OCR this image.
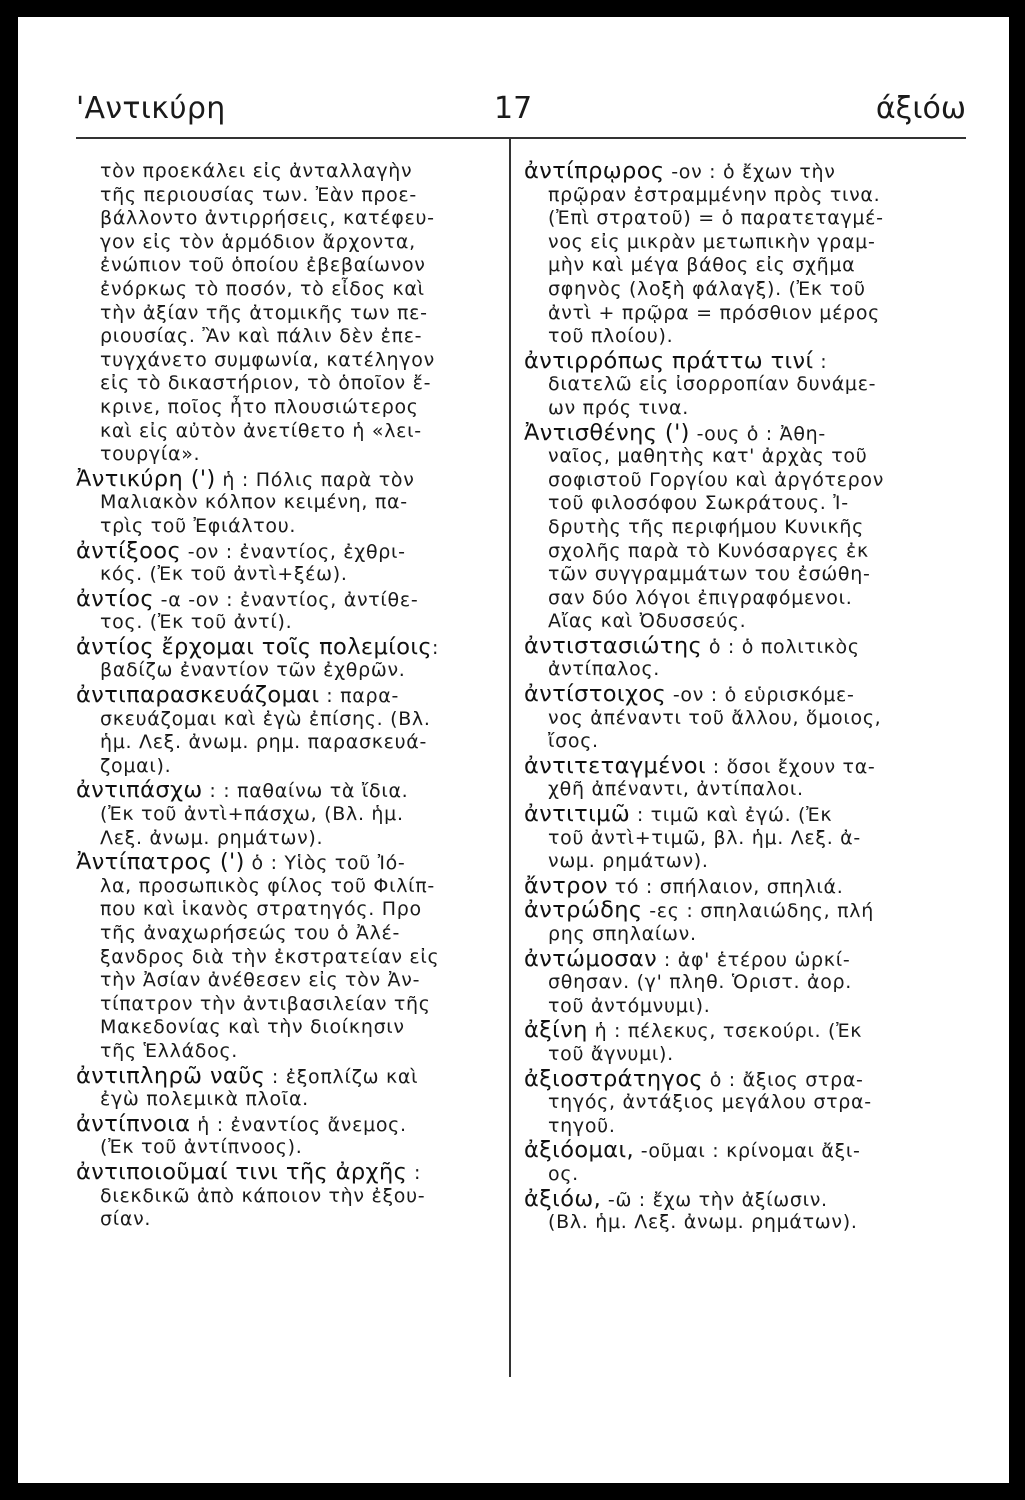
'Αντικύρη	17	άξιόω
τὸν προεκάλει εἰς ἀνταλλαγὴν
τῆς περιουσίας των. Ἐὰν προε-
βάλλοντο ἀντιρρήσεις, κατέφευ-
γον εἰς τὸν ἁρμόδιον ἄρχοντα,
ἐνώπιον τοῦ ὁποίου ἐβεβαίωνον
ἐνόρκως τὸ ποσόν, τὸ εἶδος καὶ
τὴν ἀξίαν τῆς ἀτομικῆς των πε-
ριουσίας. Ἂν καὶ πάλιν δὲν ἐπε-
τυγχάνετο συμφωνία, κατέληγον
εἰς τὸ δικαστήριον, τὸ ὁποῖον ἔ-
κρινε, ποῖος ἦτο πλουσιώτερος
καὶ εἰς αὐτὸν ἀνετίθετο ἡ «λει-
τουργία».
Ἀντικύρη (') ἡ : Πόλις παρὰ τὸν
Μαλιακὸν κόλπον κειμένη, πα-
τρὶς τοῦ Ἐφιάλτου.
ἀντίξοος -ον : ἐναντίος, ἐχθρι-
κός. (Ἐκ τοῦ ἀντὶ+ξέω).
ἀντίος -α -ον : ἐναντίος, ἀντίθε-
τος. (Ἐκ τοῦ ἀντί).
ἀντίος ἔρχομαι τοῖς πολεμίοις:
βαδίζω ἐναντίον τῶν ἐχθρῶν.
ἀντιπαρασκευάζομαι : παρα-
σκευάζομαι καὶ ἐγὼ ἐπίσης. (Βλ.
ἡμ. Λεξ. ἀνωμ. ρημ. παρασκευά-
ζομαι).
ἀντιπάσχω : : παθαίνω τὰ ἴδια.
(Ἐκ τοῦ ἀντὶ+πάσχω, (Βλ. ἡμ.
Λεξ. ἀνωμ. ρημάτων).
Ἀντίπατρος (') ὁ : Υἱὸς τοῦ Ἰό-
λα, προσωπικὸς φίλος τοῦ Φιλίπ-
που καὶ ἱκανὸς στρατηγός. Προ
τῆς ἀναχωρήσεώς του ὁ Ἀλέ-
ξανδρος διὰ τὴν ἐκστρατείαν εἰς
τὴν Ἀσίαν ἀνέθεσεν εἰς τὸν Ἀν-
τίπατρον τὴν ἀντιβασιλείαν τῆς
Μακεδονίας καὶ τὴν διοίκησιν
τῆς Ἑλλάδος.
ἀντιπληρῶ ναῦς : ἐξοπλίζω καὶ
ἐγὼ πολεμικὰ πλοῖα.
ἀντίπνοια ἡ : ἐναντίος ἄνεμος.
(Ἐκ τοῦ ἀντίπνοος).
ἀντιποιοῦμαί τινι τῆς ἀρχῆς :
διεκδικῶ ἀπὸ κάποιον τὴν ἐξου-
σίαν.
ἀντίπρῳρος -ον : ὁ ἔχων τὴν
πρῷραν ἐστραμμένην πρὸς τινα.
(Ἐπὶ στρατοῦ) = ὁ παρατεταγμέ-
νος εἰς μικρὰν μετωπικὴν γραμ-
μὴν καὶ μέγα βάθος εἰς σχῆμα
σφηνὸς (λοξὴ φάλαγξ). (Ἐκ τοῦ
ἀντὶ + πρῷρα = πρόσθιον μέρος
τοῦ πλοίου).
ἀντιρρόπως πράττω τινί :
διατελῶ εἰς ἰσορροπίαν δυνάμε-
ων πρός τινα.
Ἀντισθένης (') -ους ὁ : Ἀθη-
ναῖος, μαθητὴς κατ' ἀρχὰς τοῦ
σοφιστοῦ Γοργίου καὶ ἀργότερον
τοῦ φιλοσόφου Σωκράτους. Ἰ-
δρυτὴς τῆς περιφήμου Κυνικῆς
σχολῆς παρὰ τὸ Κυνόσαργες ἐκ
τῶν συγγραμμάτων του ἐσώθη-
σαν δύο λόγοι ἐπιγραφόμενοι.
Αἴας καὶ Ὀδυσσεύς.
ἀντιστασιώτης ὁ : ὁ πολιτικὸς
ἀντίπαλος.
ἀντίστοιχος -ον : ὁ εὑρισκόμε-
νος ἀπέναντι τοῦ ἄλλου, ὅμοιος,
ἴσος.
ἀντιτεταγμένοι : ὅσοι ἔχουν τα-
χθῆ ἀπέναντι, ἀντίπαλοι.
ἀντιτιμῶ : τιμῶ καὶ ἐγώ. (Ἐκ
τοῦ ἀντὶ+τιμῶ, βλ. ἡμ. Λεξ. ἀ-
νωμ. ρημάτων).
ἄντρον τό : σπήλαιον, σπηλιά.
ἀντρώδης -ες : σπηλαιώδης, πλή
ρης σπηλαίων.
ἀντώμοσαν : ἀφ' ἑτέρου ὡρκί-
σθησαν. (γ' πληθ. Ὁριστ. ἀορ.
τοῦ ἀντόμνυμι).
ἀξίνη ἡ : πέλεκυς, τσεκούρι. (Ἐκ
τοῦ ἄγνυμι).
ἀξιοστράτηγος ὁ : ἄξιος στρα-
τηγός, ἀντάξιος μεγάλου στρα-
τηγοῦ.
ἀξιόομαι, -οῦμαι : κρίνομαι ἄξι-
ος.
ἀξιόω, -ῶ : ἔχω τὴν ἀξίωσιν.
(Βλ. ἡμ. Λεξ. ἀνωμ. ρημάτων).
